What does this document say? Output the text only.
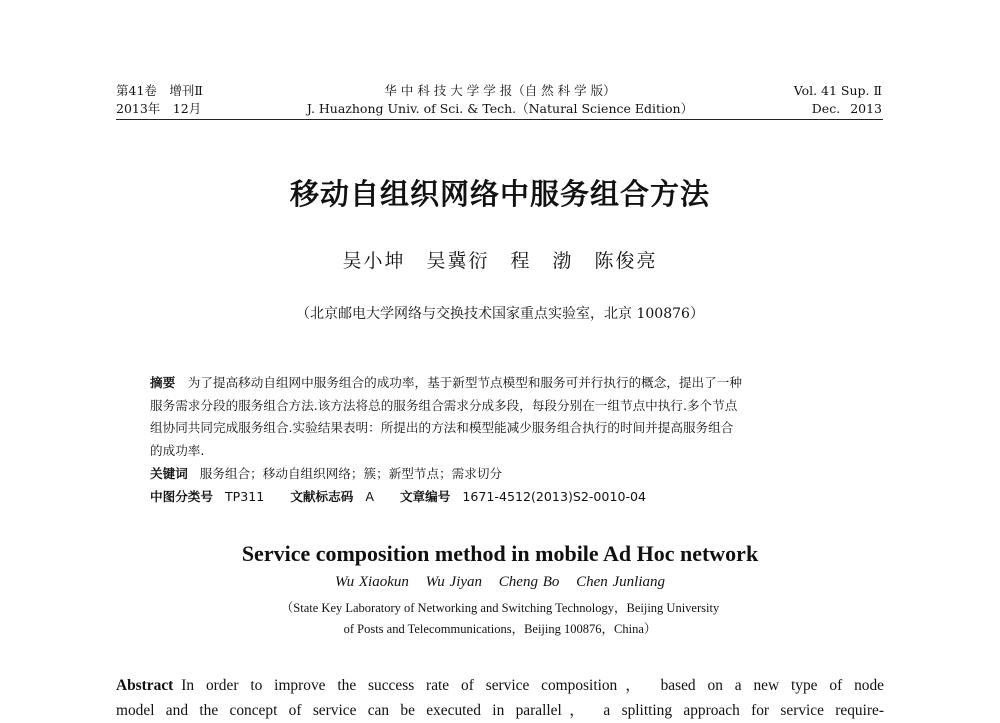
第41卷　增刊Ⅱ
2013年　12月
华 中 科 技 大 学 学 报（自 然 科 学 版）
J. Huazhong Univ. of Sci. & Tech.（Natural Science Edition）
Vol. 41 Sup. Ⅱ
Dec. 2013
移动自组织网络中服务组合方法
吴小坤　吴冀衍　程　渤　陈俊亮
（北京邮电大学网络与交换技术国家重点实验室，北京 100876）
摘要　 为了提高移动自组网中服务组合的成功率，基于新型节点模型和服务可并行执行的概念，提出了一种
服务需求分段的服务组合方法.该方法将总的服务组合需求分成多段，每段分别在一组节点中执行.多个节点
组协同共同完成服务组合.实验结果表明：所提出的方法和模型能减少服务组合执行的时间并提高服务组合
的成功率.
关键词 服务组合；移动自组织网络；簇；新型节点；需求切分
中图分类号 TP311 文献标志码 A 文章编号 1671-4512(2013)S2-0010-04
Service composition method in mobile Ad Hoc network
Wu Xiaokun Wu Jiyan Cheng Bo Chen Junliang
（State Key Laboratory of Networking and Switching Technology，Beijing University
of Posts and Telecommunications，Beijing 100876，China）
Abstract In order to improve the success rate of service composition， based on a new type of node
model and the concept of service can be executed in parallel， a splitting approach for service require-
